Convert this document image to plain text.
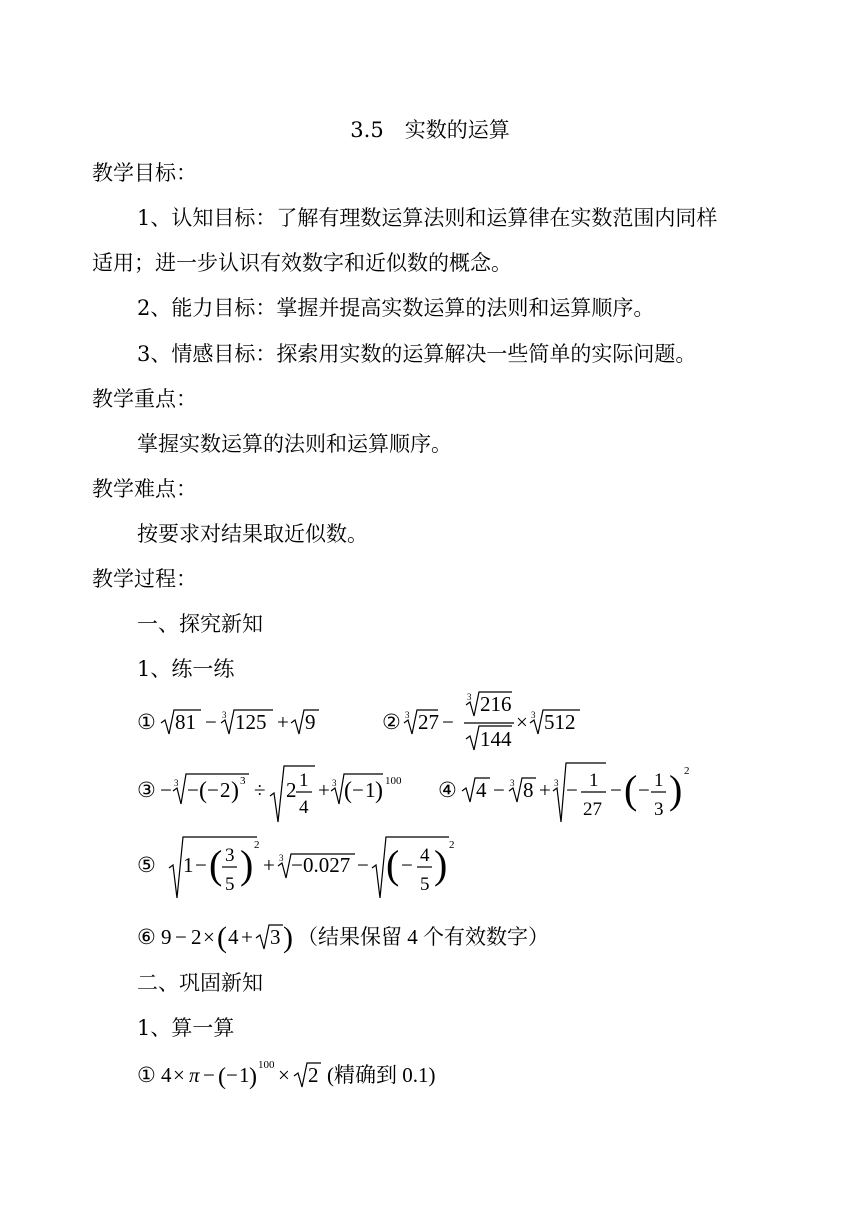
3.5　实数的运算
教学目标：
1、认知目标：了解有理数运算法则和运算律在实数范围内同样
适用；进一步认识有效数字和近似数的概念。
2、能力目标：掌握并提高实数运算的法则和运算顺序。
3、情感目标：探索用实数的运算解决一些简单的实际问题。
教学重点：
掌握实数运算的法则和运算顺序。
教学难点：
按要求对结果取近似数。
教学过程：
一、探究新知
1、练一练
① 81 − 3 125 + 9	② 3 27 −
3 216
144
× 3 512
③ − 3 − ( − 2 ) 3 ÷ 2 1
4
+ 3 ( − 1 ) 100 ④ 4 − 3 8 + 3 − 1
27
− ( − 1
3 ) 2
⑤ 1 − ( 3
5 ) 2
+ 3 − 0.027 − ( − 4
5 ) 2
⑥ 9 − 2 × ( 4 + 3 ) （结果保留 4 个有效数字）
二、巩固新知
1、算一算
① 4 × π − ( − 1 ) 100 × 2 (精确到 0.1)
